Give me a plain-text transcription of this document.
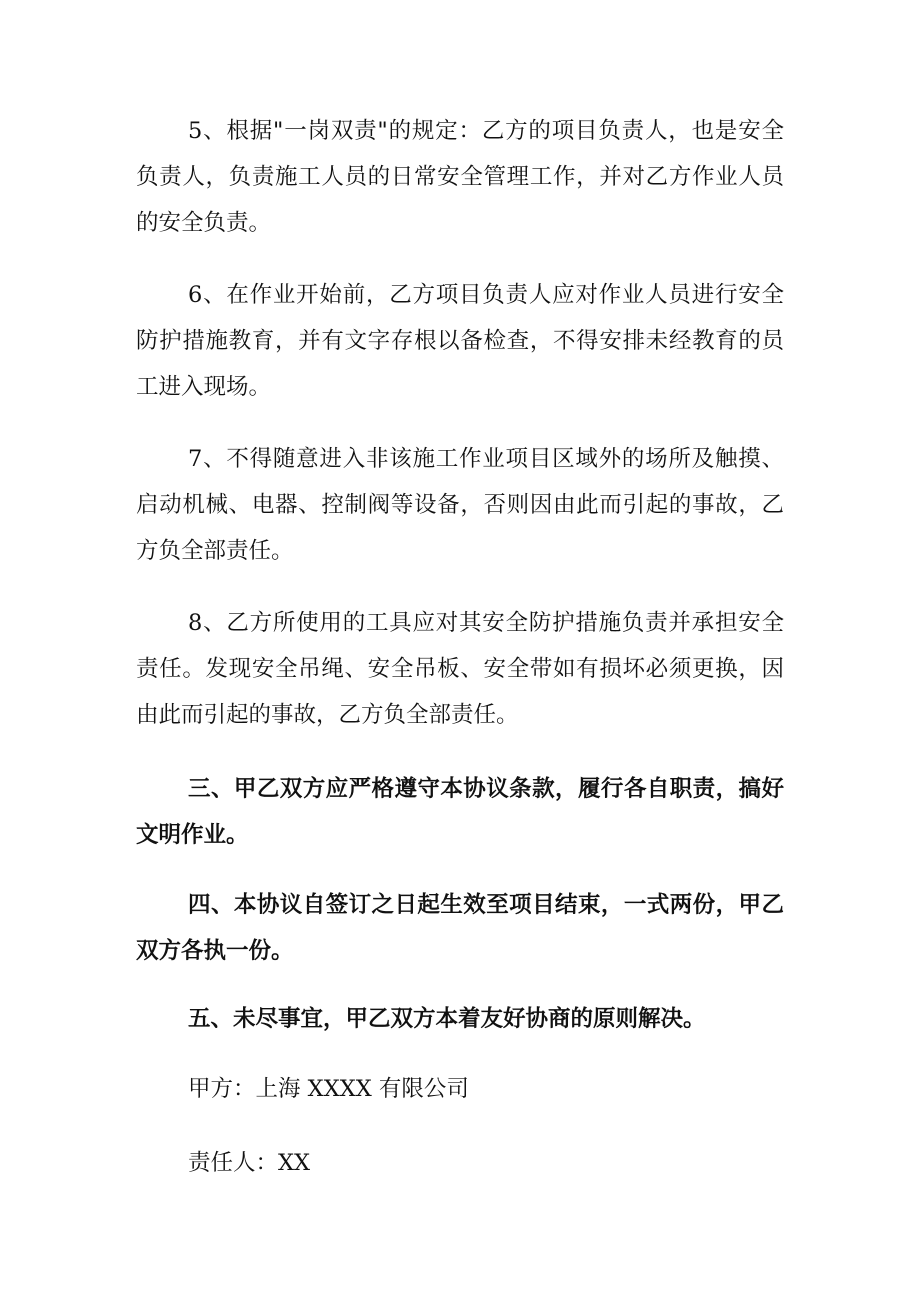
5、根据"一岗双责"的规定：乙方的项目负责人，也是安全负责人，负责施工人员的日常安全管理工作，并对乙方作业人员的安全负责。

6、在作业开始前，乙方项目负责人应对作业人员进行安全防护措施教育，并有文字存根以备检查，不得安排未经教育的员工进入现场。

7、不得随意进入非该施工作业项目区域外的场所及触摸、启动机械、电器、控制阀等设备，否则因由此而引起的事故，乙方负全部责任。

8、乙方所使用的工具应对其安全防护措施负责并承担安全责任。发现安全吊绳、安全吊板、安全带如有损坏必须更换，因由此而引起的事故，乙方负全部责任。

三、甲乙双方应严格遵守本协议条款，履行各自职责，搞好文明作业。

四、本协议自签订之日起生效至项目结束，一式两份，甲乙双方各执一份。

五、未尽事宜，甲乙双方本着友好协商的原则解决。

甲方：上海 XXXX 有限公司

责任人：XX
